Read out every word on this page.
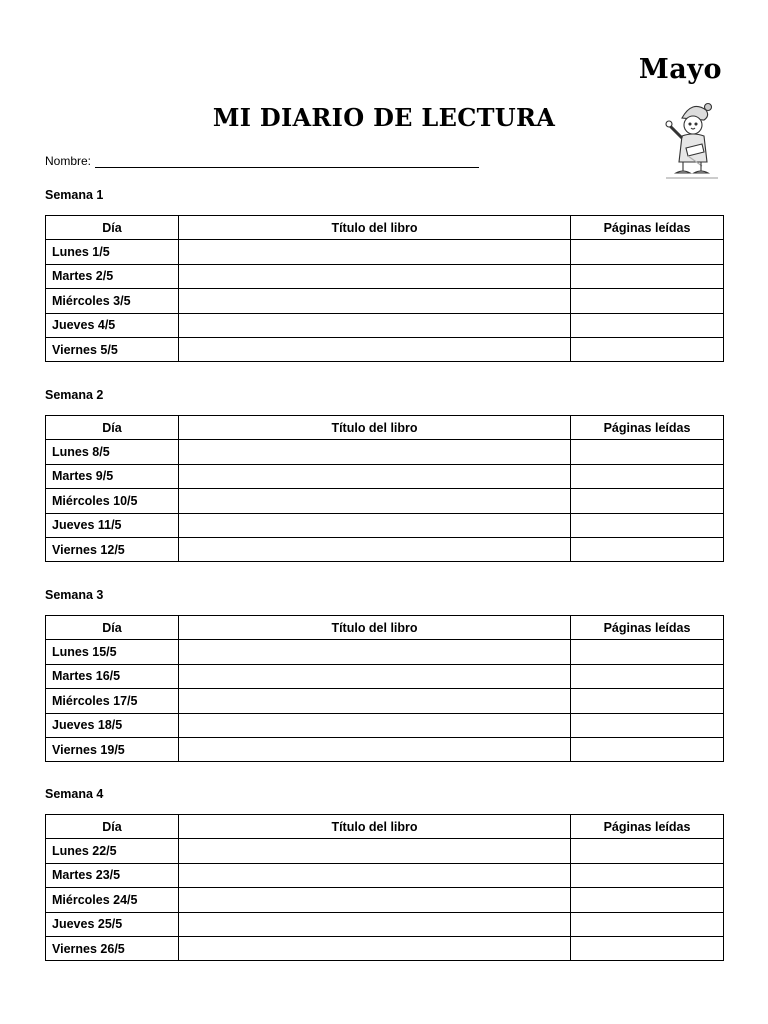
Mayo
MI DIARIO DE LECTURA
Nombre:
Semana 1
Día	Título del libro	Páginas leídas
Lunes 1/5		
Martes 2/5		
Miércoles 3/5		
Jueves 4/5		
Viernes 5/5		
Semana 2
Día	Título del libro	Páginas leídas
Lunes 8/5		
Martes 9/5		
Miércoles 10/5		
Jueves 11/5		
Viernes 12/5		
Semana 3
Día	Título del libro	Páginas leídas
Lunes 15/5		
Martes 16/5		
Miércoles 17/5		
Jueves 18/5		
Viernes 19/5		
Semana 4
Día	Título del libro	Páginas leídas
Lunes 22/5		
Martes 23/5		
Miércoles 24/5		
Jueves 25/5		
Viernes 26/5		
